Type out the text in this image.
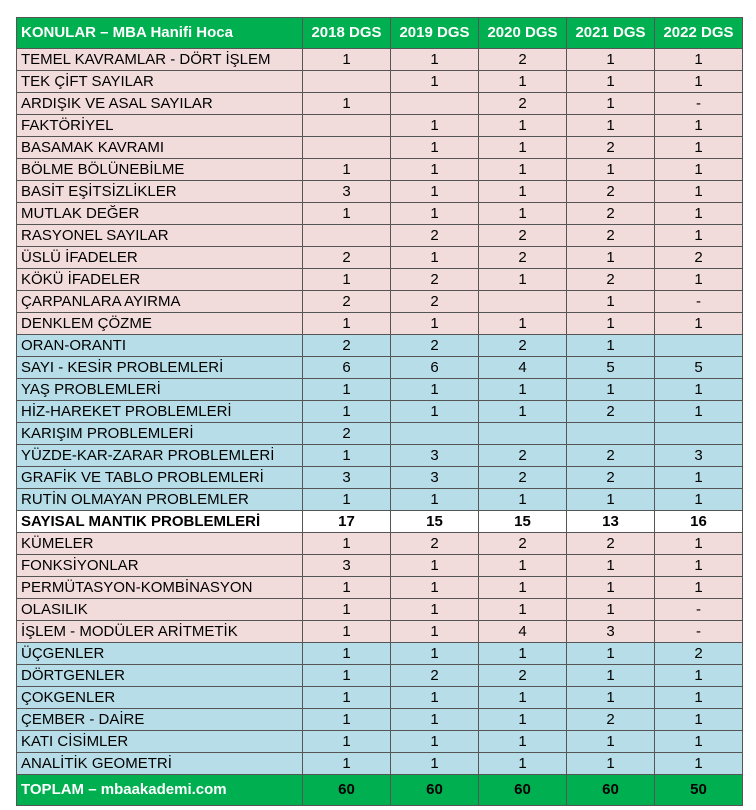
KONULAR – MBA Hanifi Hoca	2018 DGS	2019 DGS	2020 DGS	2021 DGS	2022 DGS
TEMEL KAVRAMLAR - DÖRT İŞLEM	1	1	2	1	1
TEK ÇİFT SAYILAR		1	1	1	1
ARDIŞIK VE ASAL SAYILAR	1		2	1	-
FAKTÖRİYEL		1	1	1	1
BASAMAK KAVRAMI		1	1	2	1
BÖLME BÖLÜNEBİLME	1	1	1	1	1
BASİT EŞİTSİZLİKLER	3	1	1	2	1
MUTLAK DEĞER	1	1	1	2	1
RASYONEL SAYILAR		2	2	2	1
ÜSLÜ İFADELER	2	1	2	1	2
KÖKÜ İFADELER	1	2	1	2	1
ÇARPANLARA AYIRMA	2	2		1	-
DENKLEM ÇÖZME	1	1	1	1	1
ORAN-ORANTI	2	2	2	1	
SAYI - KESİR PROBLEMLERİ	6	6	4	5	5
YAŞ PROBLEMLERİ	1	1	1	1	1
HİZ-HAREKET PROBLEMLERİ	1	1	1	2	1
KARIŞIM PROBLEMLERİ	2				
YÜZDE-KAR-ZARAR PROBLEMLERİ	1	3	2	2	3
GRAFİK VE TABLO PROBLEMLERİ	3	3	2	2	1
RUTİN OLMAYAN PROBLEMLER	1	1	1	1	1
SAYISAL MANTIK PROBLEMLERİ	17	15	15	13	16
KÜMELER	1	2	2	2	1
FONKSİYONLAR	3	1	1	1	1
PERMÜTASYON-KOMBİNASYON	1	1	1	1	1
OLASILIK	1	1	1	1	-
İŞLEM - MODÜLER ARİTMETİK	1	1	4	3	-
ÜÇGENLER	1	1	1	1	2
DÖRTGENLER	1	2	2	1	1
ÇOKGENLER	1	1	1	1	1
ÇEMBER - DAİRE	1	1	1	2	1
KATI CİSİMLER	1	1	1	1	1
ANALİTİK GEOMETRİ	1	1	1	1	1
TOPLAM – mbaakademi.com	60	60	60	60	50
